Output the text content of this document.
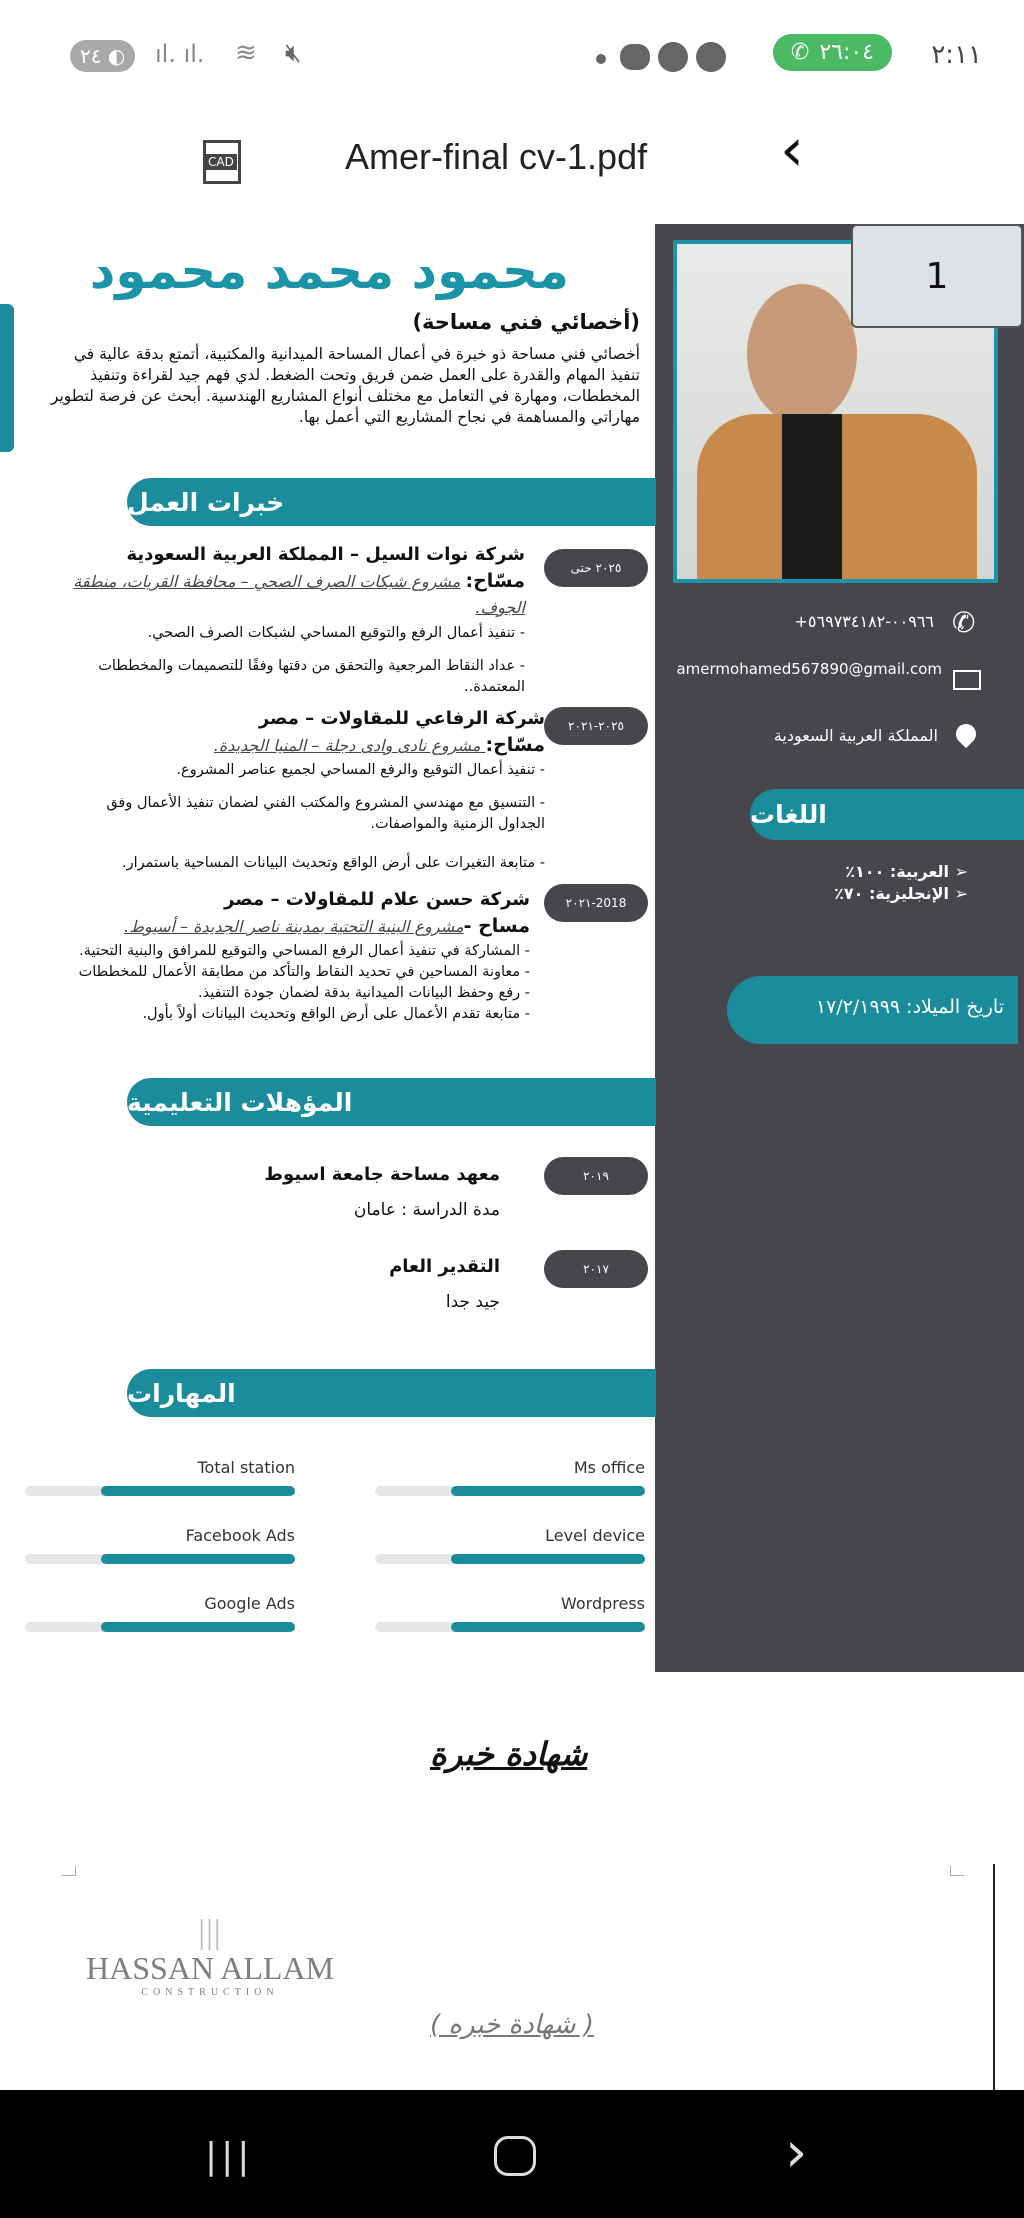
٢:١١
✆ ٢٦:٠٤
٢٤ ◐	ıl. ıl. ≋ 🔇︎
‹
Amer-final cv-1.pdf
CAD
1
محمود محمد محمود
(أخصائي فني مساحة)
أخصائي فني مساحة ذو خبرة في أعمال المساحة الميدانية والمكتبية، أتمتع بدقة عالية في تنفيذ المهام والقدرة على العمل ضمن فريق وتحت الضغط. لدي فهم جيد لقراءة وتنفيذ المخططات، ومهارة في التعامل مع مختلف أنواع المشاريع الهندسية. أبحث عن فرصة لتطوير مهاراتي والمساهمة في نجاح المشاريع التي أعمل بها.
خبرات العمل
٢٠٢٥ حتى
شركة نوات السيل – المملكة العربية السعودية
مسّاح: مشروع شبكات الصرف الصحي – محافظة القريات، منطقة الجوف.
- تنفيذ أعمال الرفع والتوقيع المساحي لشبكات الصرف الصحي.
- عداد النقاط المرجعية والتحقق من دقتها وفقًا للتصميمات والمخططات المعتمدة..
٢٠٢٥-٢٠٢١
شركة الرفاعي للمقاولات – مصر
مسّاح: مشروع نادى وادى دجلة – المنيا الجديدة.
- تنفيذ أعمال التوقيع والرفع المساحي لجميع عناصر المشروع.
- التنسيق مع مهندسي المشروع والمكتب الفني لضمان تنفيذ الأعمال وفق الجداول الزمنية والمواصفات.
- متابعة التغيرات على أرض الواقع وتحديث البيانات المساحية باستمرار.
٢٠٢١-2018
شركة حسن علام للمقاولات – مصر
مساح -مشروع البنية التحتية بمدينة ناصر الجديدة – أسيوط.
- المشاركة في تنفيذ أعمال الرفع المساحي والتوقيع للمرافق والبنية التحتية.
- معاونة المساحين في تحديد النقاط والتأكد من مطابقة الأعمال للمخططات
- رفع وحفظ البيانات الميدانية بدقة لضمان جودة التنفيذ.
- متابعة تقدم الأعمال على أرض الواقع وتحديث البيانات أولاً بأول.
المؤهلات التعليمية
٢٠١٩
معهد مساحة جامعة اسيوط
مدة الدراسة : عامان
٢٠١٧
التقدير العام
جيد جدا
المهارات
Ms office
Total station
Level device
Facebook Ads
Wordpress
Google Ads
✆
+٠٠٩٦٦-٥٦٩٧٣٤١٨٢
amermohamed567890@gmail.com
المملكة العربية السعودية
اللغات
➢ العربية: ١٠٠٪
➢ الإنجليزية: ٧٠٪
تاريخ الميلاد: ١٧/٢/١٩٩٩
شهادة خبرة
|||
HASSAN ALLAM
CONSTRUCTION
( شهادة خبره )
|||	›
